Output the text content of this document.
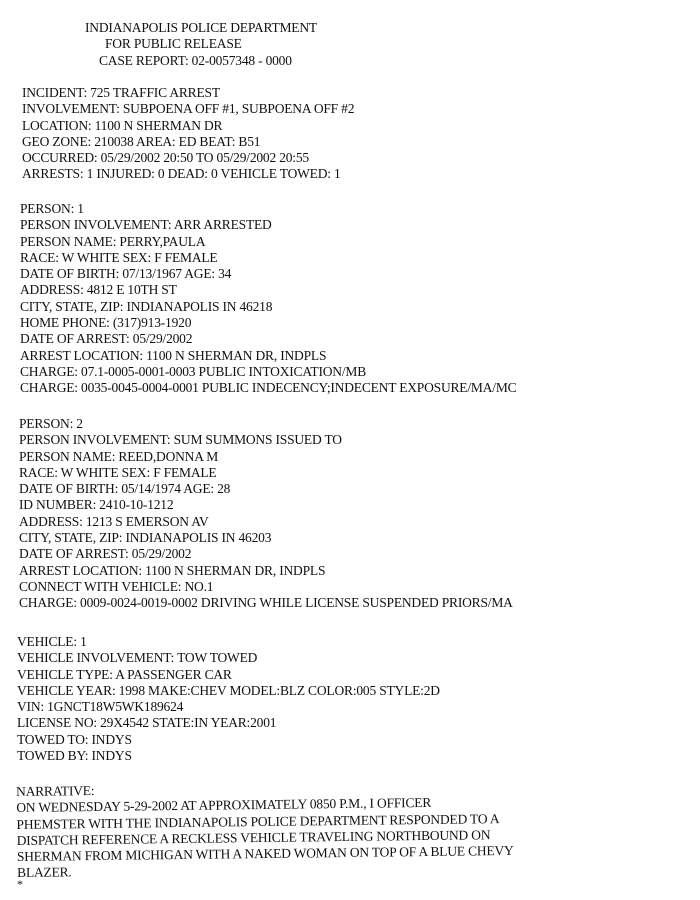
INDIANAPOLIS POLICE DEPARTMENT
FOR PUBLIC RELEASE
CASE REPORT: 02-0057348 - 0000
INCIDENT: 725 TRAFFIC ARREST
INVOLVEMENT: SUBPOENA OFF #1, SUBPOENA OFF #2
LOCATION: 1100 N SHERMAN DR
GEO ZONE: 210038 AREA: ED BEAT: B51
OCCURRED: 05/29/2002 20:50 TO 05/29/2002 20:55
ARRESTS: 1 INJURED: 0 DEAD: 0 VEHICLE TOWED: 1
PERSON: 1
PERSON INVOLVEMENT: ARR ARRESTED
PERSON NAME: PERRY,PAULA
RACE: W WHITE SEX: F FEMALE
DATE OF BIRTH: 07/13/1967 AGE: 34
ADDRESS: 4812 E 10TH ST
CITY, STATE, ZIP: INDIANAPOLIS IN 46218
HOME PHONE: (317)913-1920
DATE OF ARREST: 05/29/2002
ARREST LOCATION: 1100 N SHERMAN DR, INDPLS
CHARGE: 07.1-0005-0001-0003 PUBLIC INTOXICATION/MB
CHARGE: 0035-0045-0004-0001 PUBLIC INDECENCY;INDECENT EXPOSURE/MA/MC
PERSON: 2
PERSON INVOLVEMENT: SUM SUMMONS ISSUED TO
PERSON NAME: REED,DONNA M
RACE: W WHITE SEX: F FEMALE
DATE OF BIRTH: 05/14/1974 AGE: 28
ID NUMBER: 2410-10-1212
ADDRESS: 1213 S EMERSON AV
CITY, STATE, ZIP: INDIANAPOLIS IN 46203
DATE OF ARREST: 05/29/2002
ARREST LOCATION: 1100 N SHERMAN DR, INDPLS
CONNECT WITH VEHICLE: NO.1
CHARGE: 0009-0024-0019-0002 DRIVING WHILE LICENSE SUSPENDED PRIORS/MA
VEHICLE: 1
VEHICLE INVOLVEMENT: TOW TOWED
VEHICLE TYPE: A PASSENGER CAR
VEHICLE YEAR: 1998 MAKE:CHEV MODEL:BLZ COLOR:005 STYLE:2D
VIN: 1GNCT18W5WK189624
LICENSE NO: 29X4542 STATE:IN YEAR:2001
TOWED TO: INDYS
TOWED BY: INDYS
NARRATIVE:
ON WEDNESDAY 5-29-2002 AT APPROXIMATELY 0850 P.M., I OFFICER
PHEMSTER WITH THE INDIANAPOLIS POLICE DEPARTMENT RESPONDED TO A
DISPATCH REFERENCE A RECKLESS VEHICLE TRAVELING NORTHBOUND ON
SHERMAN FROM MICHIGAN WITH A NAKED WOMAN ON TOP OF A BLUE CHEVY
BLAZER.
*
